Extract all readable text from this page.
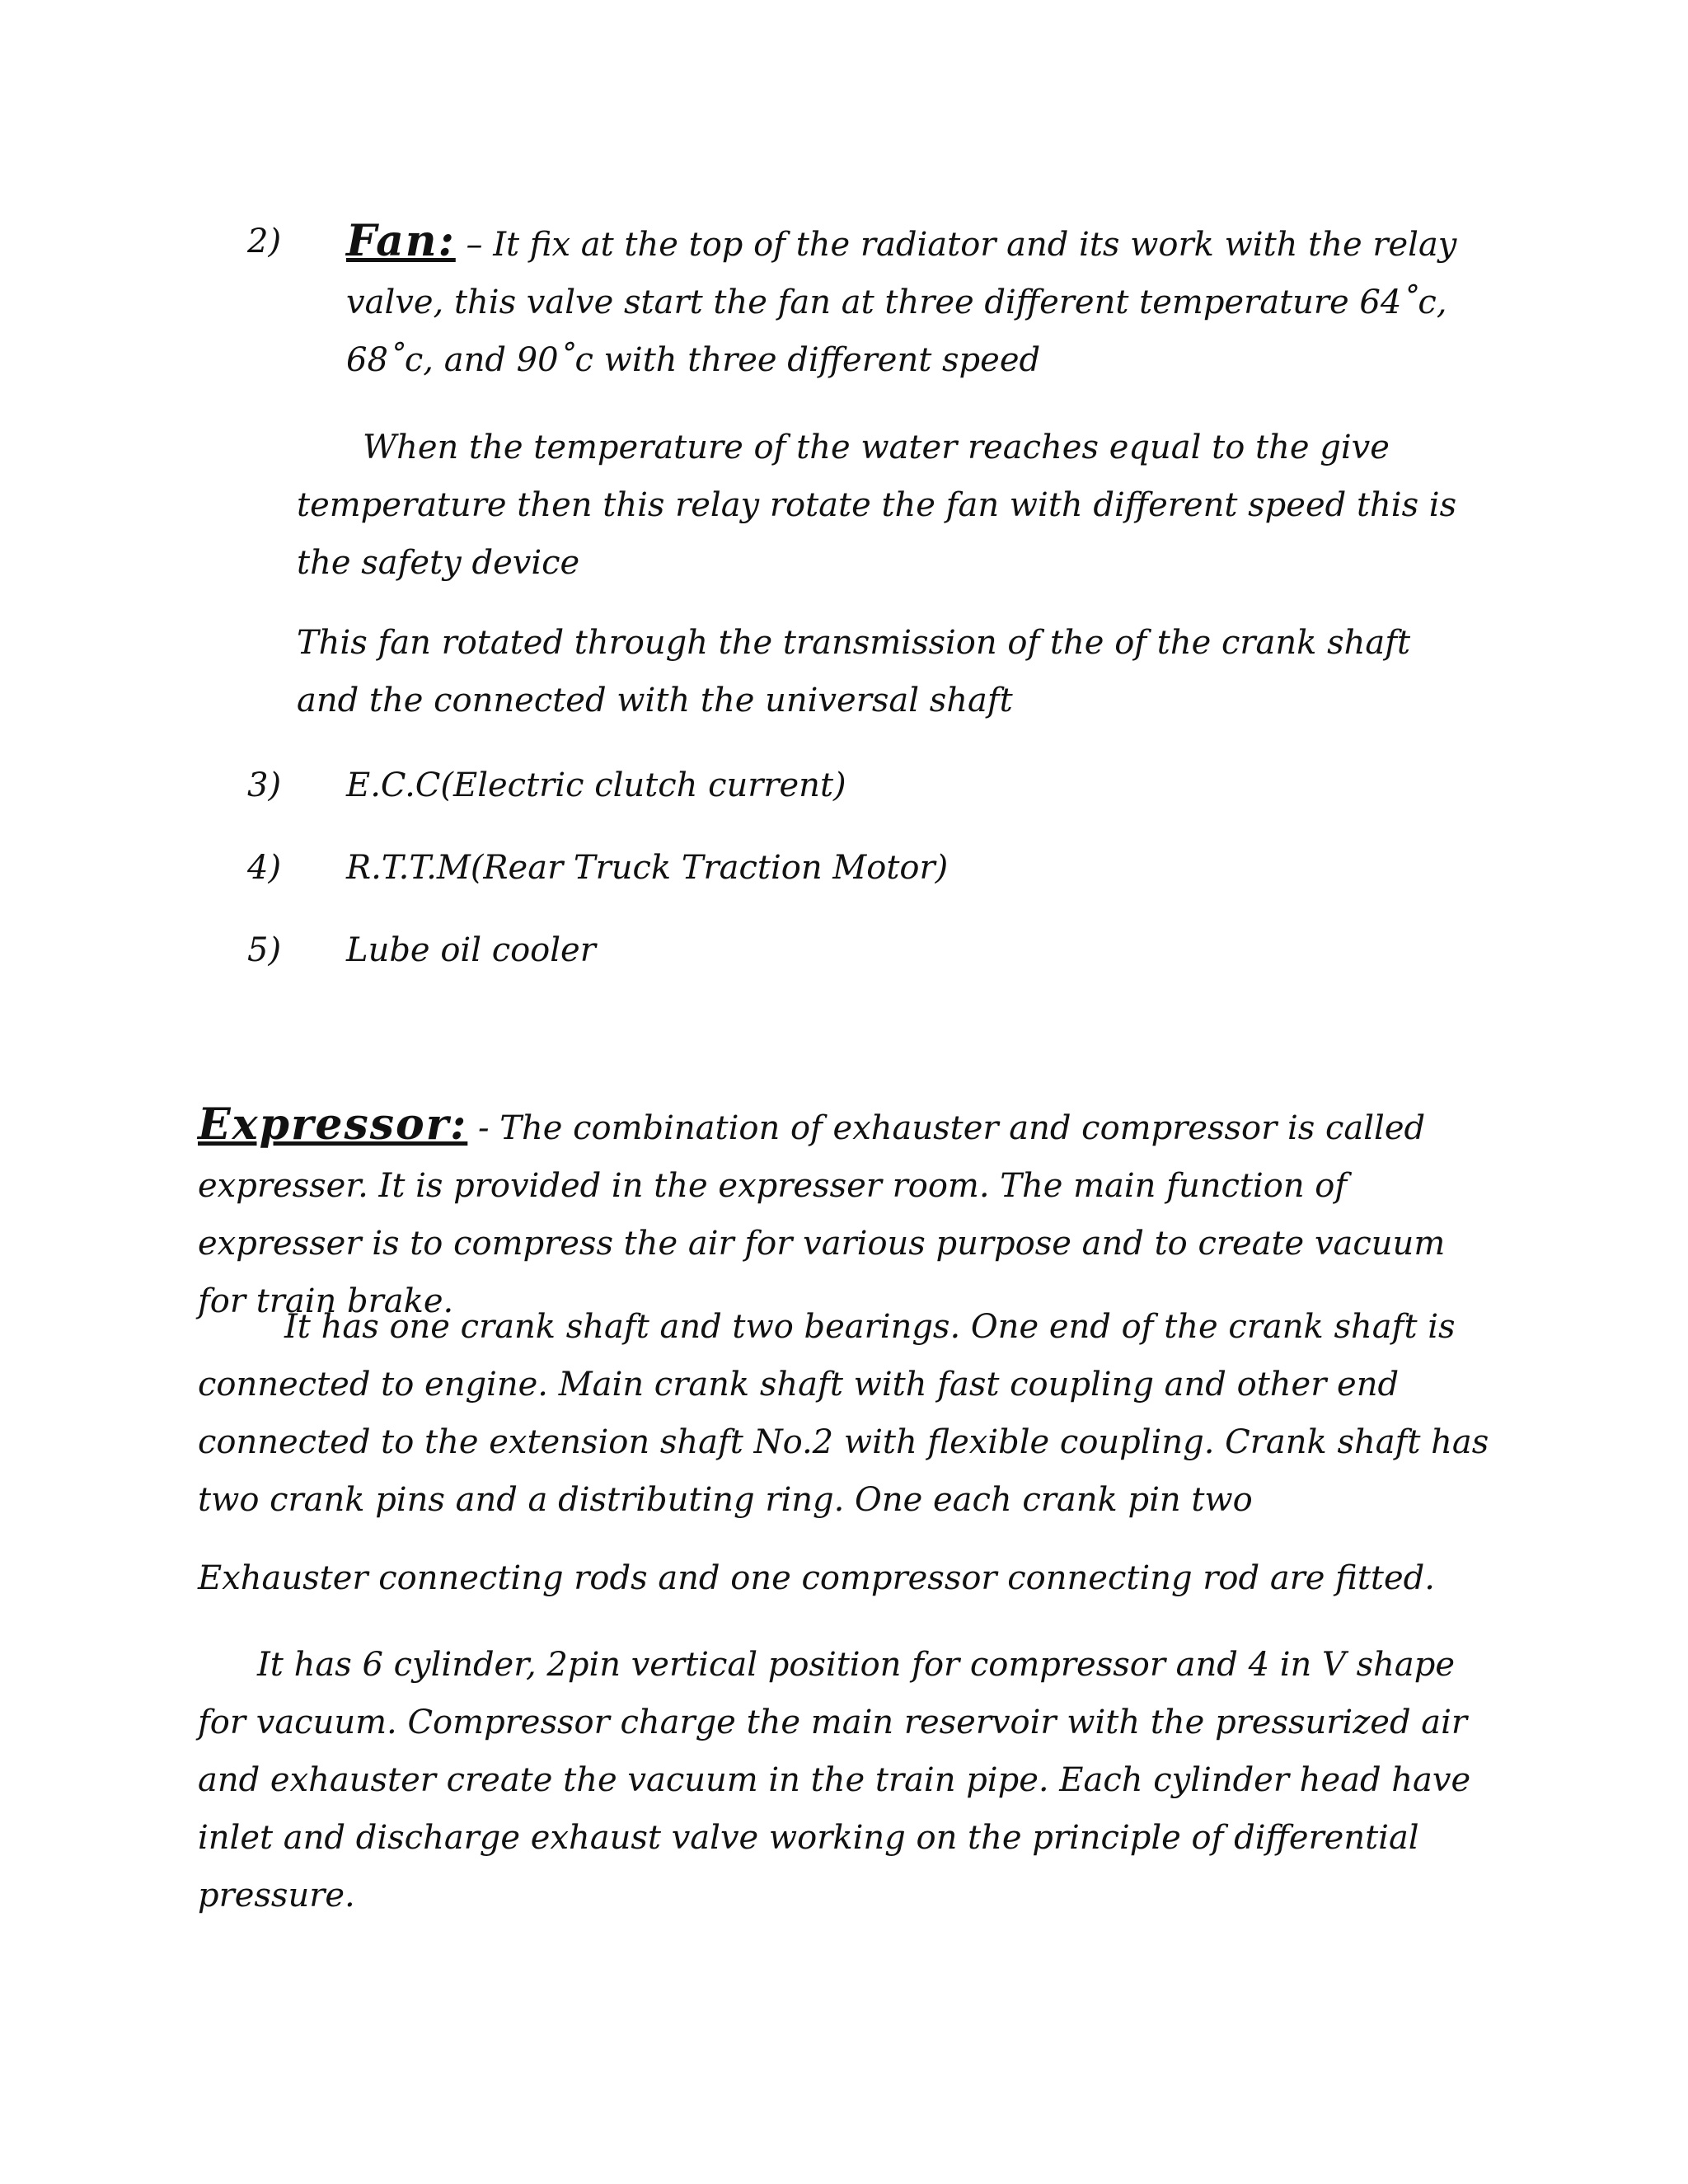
2) Fan: – It fix at the top of the radiator and its work with the relay valve, this valve start the fan at three different temperature 64˚c, 68˚c, and 90˚c with three different speed
When the temperature of the water reaches equal to the give temperature then this relay rotate the fan with different speed this is the safety device
This fan rotated through the transmission of the of the crank shaft and the connected with the universal shaft
3) E.C.C(Electric clutch current)
4) R.T.T.M(Rear Truck Traction Motor)
5) Lube oil cooler
Expressor: - The combination of exhauster and compressor is called expresser. It is provided in the expresser room. The main function of expresser is to compress the air for various purpose and to create vacuum for train brake.
It has one crank shaft and two bearings. One end of the crank shaft is connected to engine. Main crank shaft with fast coupling and other end connected to the extension shaft No.2 with flexible coupling. Crank shaft has two crank pins and a distributing ring. One each crank pin two
Exhauster connecting rods and one compressor connecting rod are fitted.
It has 6 cylinder, 2pin vertical position for compressor and 4 in V shape for vacuum. Compressor charge the main reservoir with the pressurized air and exhauster create the vacuum in the train pipe. Each cylinder head have inlet and discharge exhaust valve working on the principle of differential pressure.
